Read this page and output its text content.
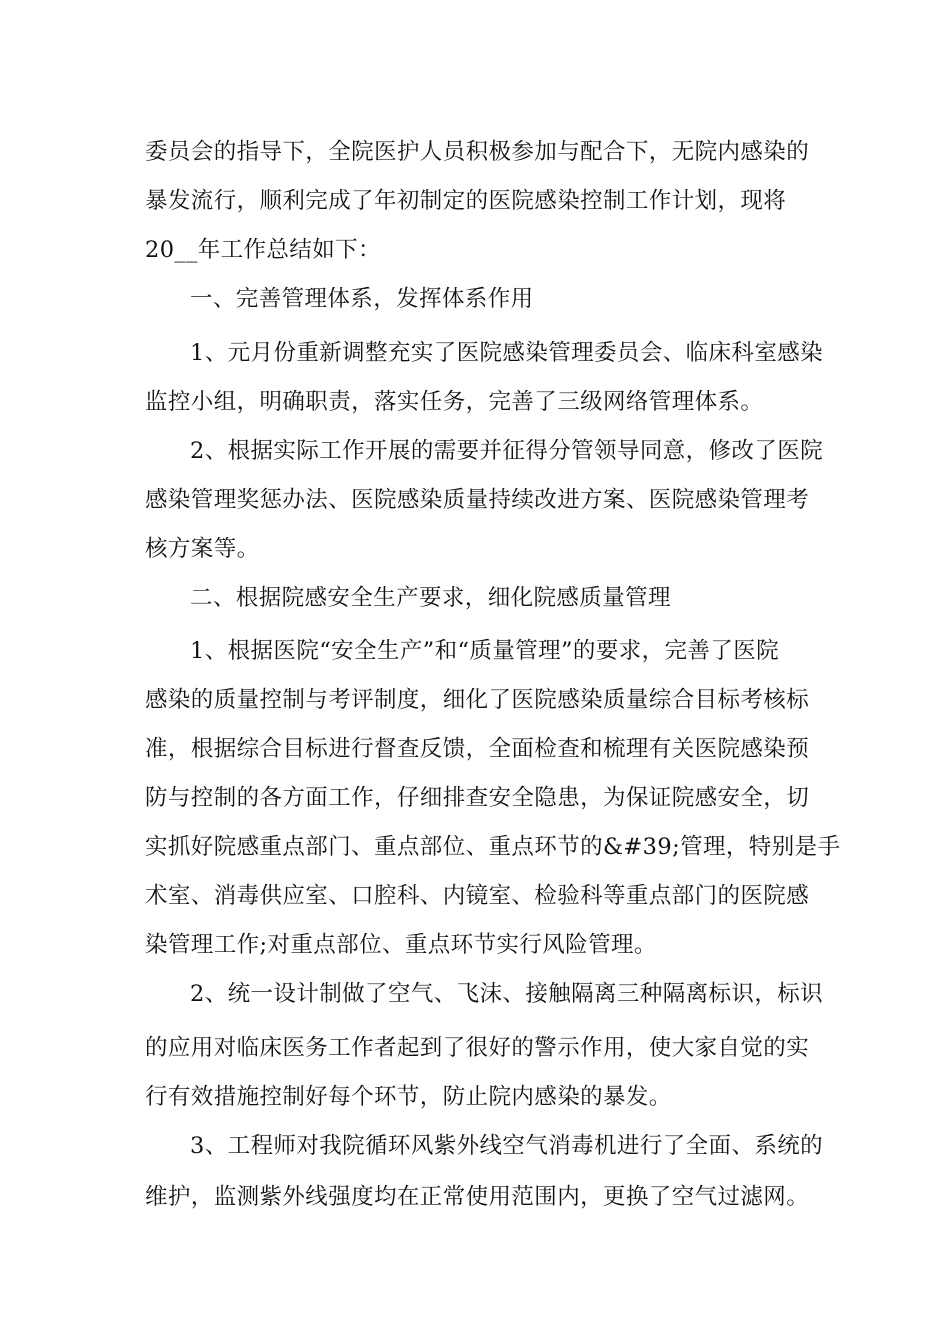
委员会的指导下，全院医护人员积极参加与配合下，无院内感染的
暴发流行，顺利完成了年初制定的医院感染控制工作计划，现将
20__年工作总结如下：
一、完善管理体系，发挥体系作用
1、元月份重新调整充实了医院感染管理委员会、临床科室感染
监控小组，明确职责，落实任务，完善了三级网络管理体系。
2、根据实际工作开展的需要并征得分管领导同意，修改了医院
感染管理奖惩办法、医院感染质量持续改进方案、医院感染管理考
核方案等。
二、根据院感安全生产要求，细化院感质量管理
1、根据医院“安全生产”和“质量管理”的要求，完善了医院
感染的质量控制与考评制度，细化了医院感染质量综合目标考核标
准，根据综合目标进行督查反馈，全面检查和梳理有关医院感染预
防与控制的各方面工作，仔细排查安全隐患，为保证院感安全，切
实抓好院感重点部门、重点部位、重点环节的&#39;管理，特别是手
术室、消毒供应室、口腔科、内镜室、检验科等重点部门的医院感
染管理工作;对重点部位、重点环节实行风险管理。
2、统一设计制做了空气、飞沫、接触隔离三种隔离标识，标识
的应用对临床医务工作者起到了很好的警示作用，使大家自觉的实
行有效措施控制好每个环节，防止院内感染的暴发。
3、工程师对我院循环风紫外线空气消毒机进行了全面、系统的
维护，监测紫外线强度均在正常使用范围内，更换了空气过滤网。
